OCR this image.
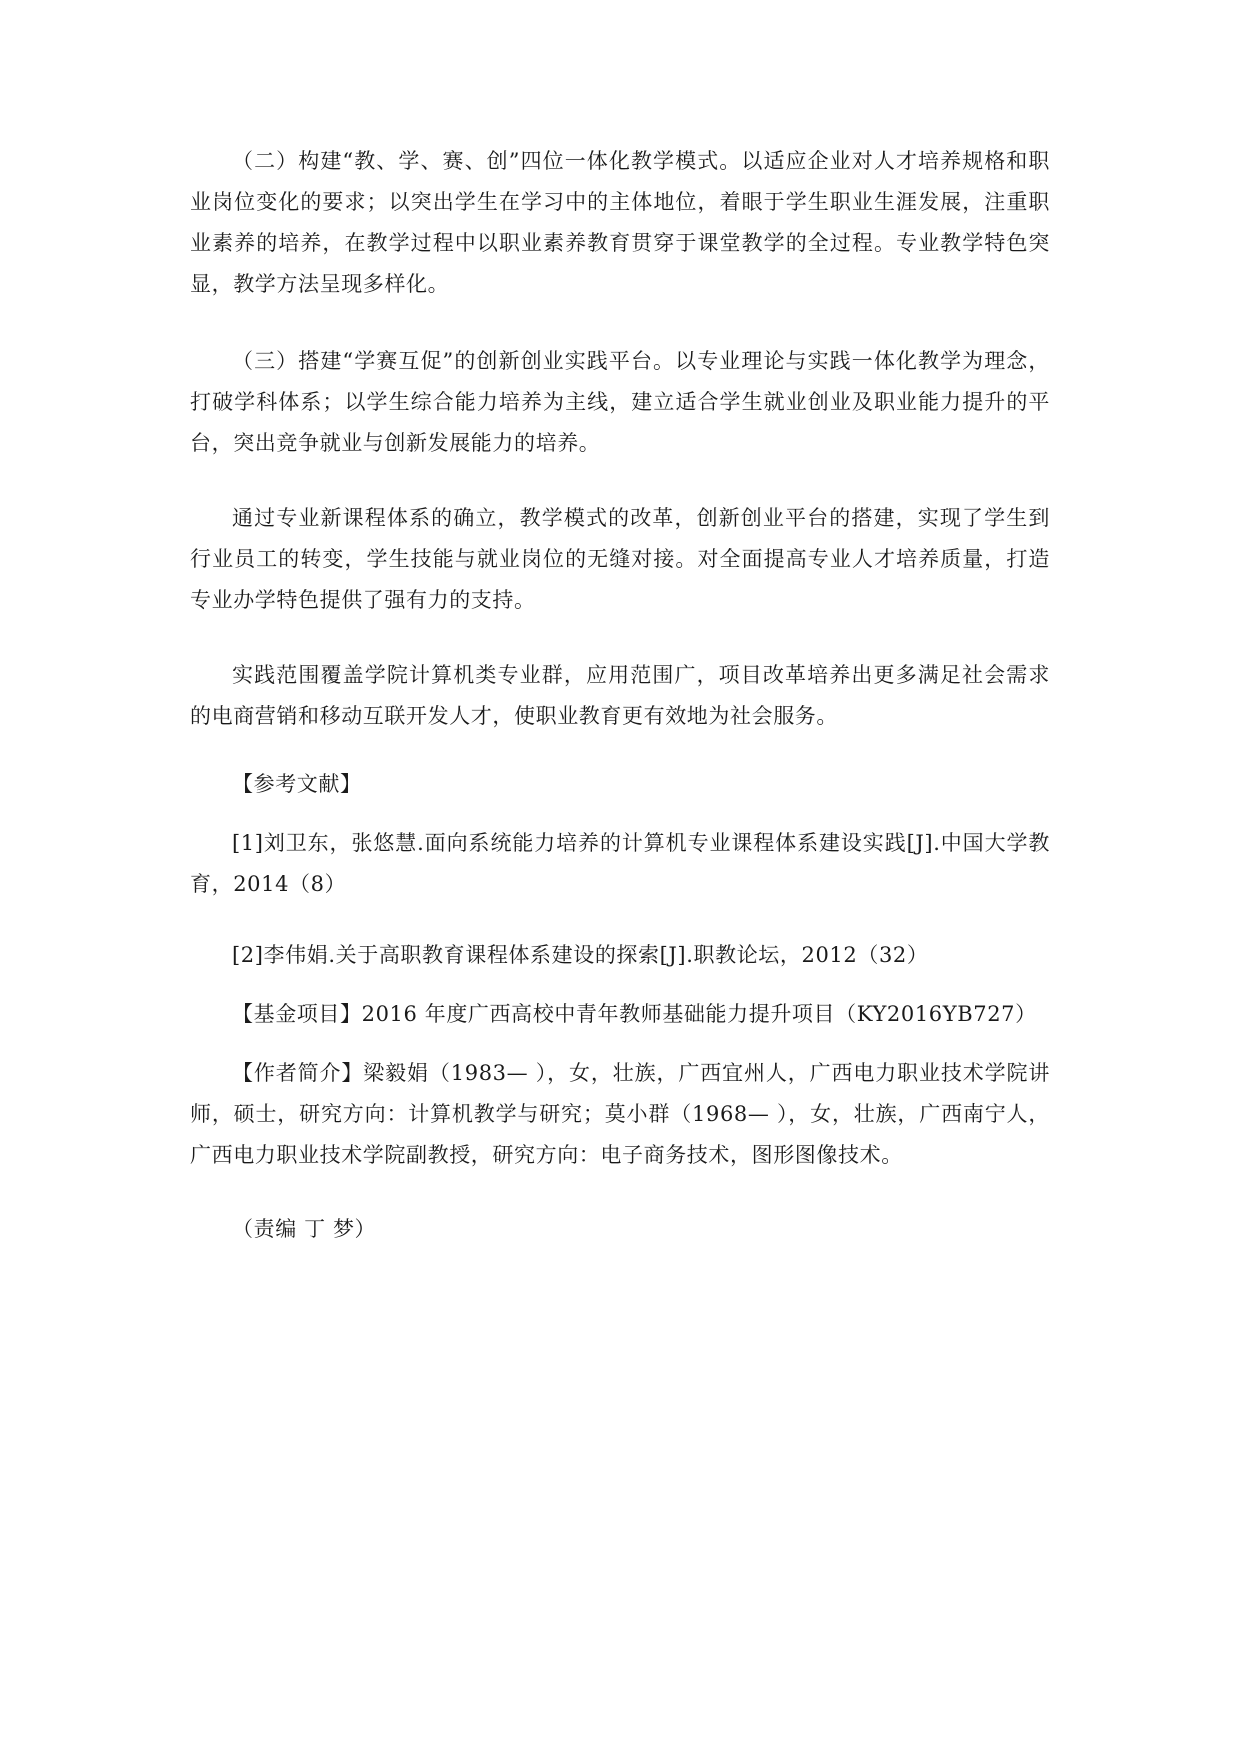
（二）构建“教、学、赛、创”四位一体化教学模式。以适应企业对人才培养规格和职业岗位变化的要求；以突出学生在学习中的主体地位，着眼于学生职业生涯发展，注重职业素养的培养，在教学过程中以职业素养教育贯穿于课堂教学的全过程。专业教学特色突显，教学方法呈现多样化。

（三）搭建“学赛互促”的创新创业实践平台。以专业理论与实践一体化教学为理念，打破学科体系；以学生综合能力培养为主线，建立适合学生就业创业及职业能力提升的平台，突出竞争就业与创新发展能力的培养。

通过专业新课程体系的确立，教学模式的改革，创新创业平台的搭建，实现了学生到行业员工的转变，学生技能与就业岗位的无缝对接。对全面提高专业人才培养质量，打造专业办学特色提供了强有力的支持。

实践范围覆盖学院计算机类专业群，应用范围广，项目改革培养出更多满足社会需求的电商营销和移动互联开发人才，使职业教育更有效地为社会服务。

【参考文献】

[1]刘卫东，张悠慧.面向系统能力培养的计算机专业课程体系建设实践[J].中国大学教育，2014（8）

[2]李伟娟.关于高职教育课程体系建设的探索[J].职教论坛，2012（32）

【基金项目】2016 年度广西高校中青年教师基础能力提升项目（KY2016YB727）

【作者简介】梁毅娟（1983— ），女，壮族，广西宜州人，广西电力职业技术学院讲师，硕士，研究方向：计算机教学与研究；莫小群（1968— ），女，壮族，广西南宁人，广西电力职业技术学院副教授，研究方向：电子商务技术，图形图像技术。

（责编 丁 梦）
